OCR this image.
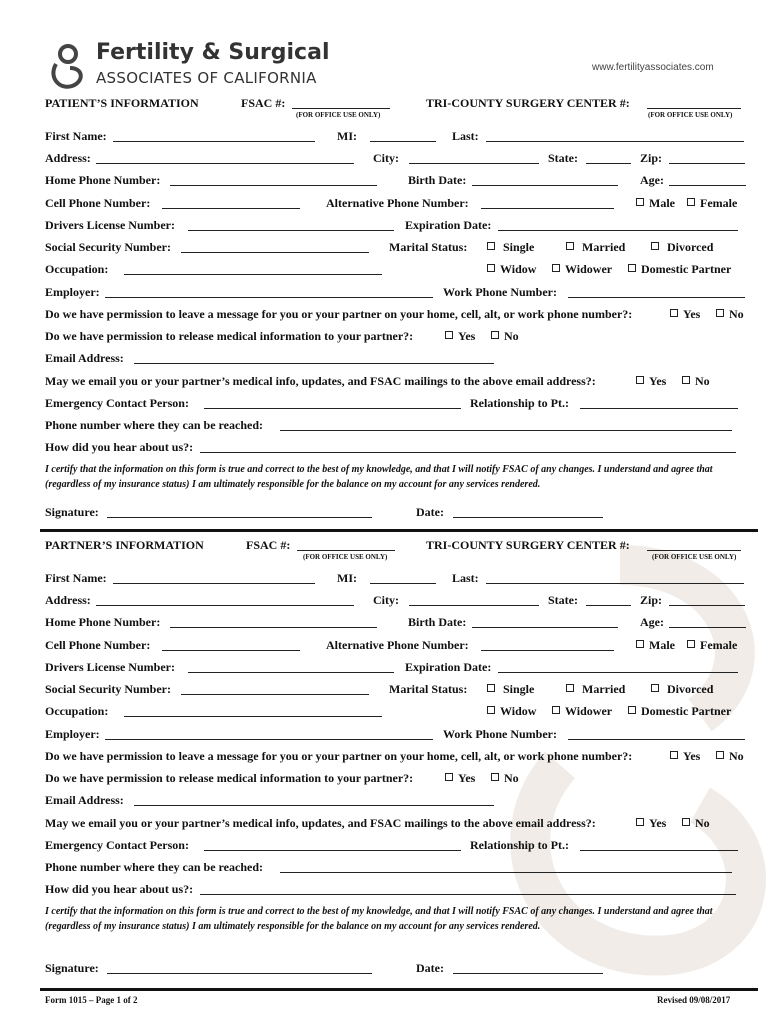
Fertility & Surgical
ASSOCIATES OF CALIFORNIA
www.fertilityassociates.com
PATIENT’S INFORMATION	FSAC #:
(FOR OFFICE USE ONLY)
TRI-COUNTY SURGERY CENTER #:
(FOR OFFICE USE ONLY)
First Name:	MI:	Last:
Address:	City:	State:	Zip:
Home Phone Number:	Birth Date:	Age:
Cell Phone Number:	Alternative Phone Number:	Male	Female
Drivers License Number:	Expiration Date:
Social Security Number:	Marital Status:	Single	Married	Divorced
Occupation:	Widow	Widower	Domestic Partner
Employer:	Work Phone Number:
Do we have permission to leave a message for you or your partner on your home, cell, alt, or work phone number?:	Yes	No
Do we have permission to release medical information to your partner?:	Yes	No
Email Address:
May we email you or your partner’s medical info, updates, and FSAC mailings to the above email address?:	Yes	No
Emergency Contact Person:	Relationship to Pt.:
Phone number where they can be reached:
How did you hear about us?:
I certify that the information on this form is true and correct to the best of my knowledge, and that I will notify FSAC of any changes. I understand and agree that (regardless of my insurance status) I am ultimately responsible for the balance on my account for any services rendered.
Signature:	Date:
PARTNER’S INFORMATION	FSAC #:
(FOR OFFICE USE ONLY)
TRI-COUNTY SURGERY CENTER #:
(FOR OFFICE USE ONLY)
First Name:	MI:	Last:
Address:	City:	State:	Zip:
Home Phone Number:	Birth Date:	Age:
Cell Phone Number:	Alternative Phone Number:	Male	Female
Drivers License Number:	Expiration Date:
Social Security Number:	Marital Status:	Single	Married	Divorced
Occupation:	Widow	Widower	Domestic Partner
Employer:	Work Phone Number:
Do we have permission to leave a message for you or your partner on your home, cell, alt, or work phone number?:	Yes	No
Do we have permission to release medical information to your partner?:	Yes	No
Email Address:
May we email you or your partner’s medical info, updates, and FSAC mailings to the above email address?:	Yes	No
Emergency Contact Person:	Relationship to Pt.:
Phone number where they can be reached:
How did you hear about us?:
I certify that the information on this form is true and correct to the best of my knowledge, and that I will notify FSAC of any changes. I understand and agree that (regardless of my insurance status) I am ultimately responsible for the balance on my account for any services rendered.
Signature:	Date:
Form 1015 – Page 1 of 2	Revised 09/08/2017
